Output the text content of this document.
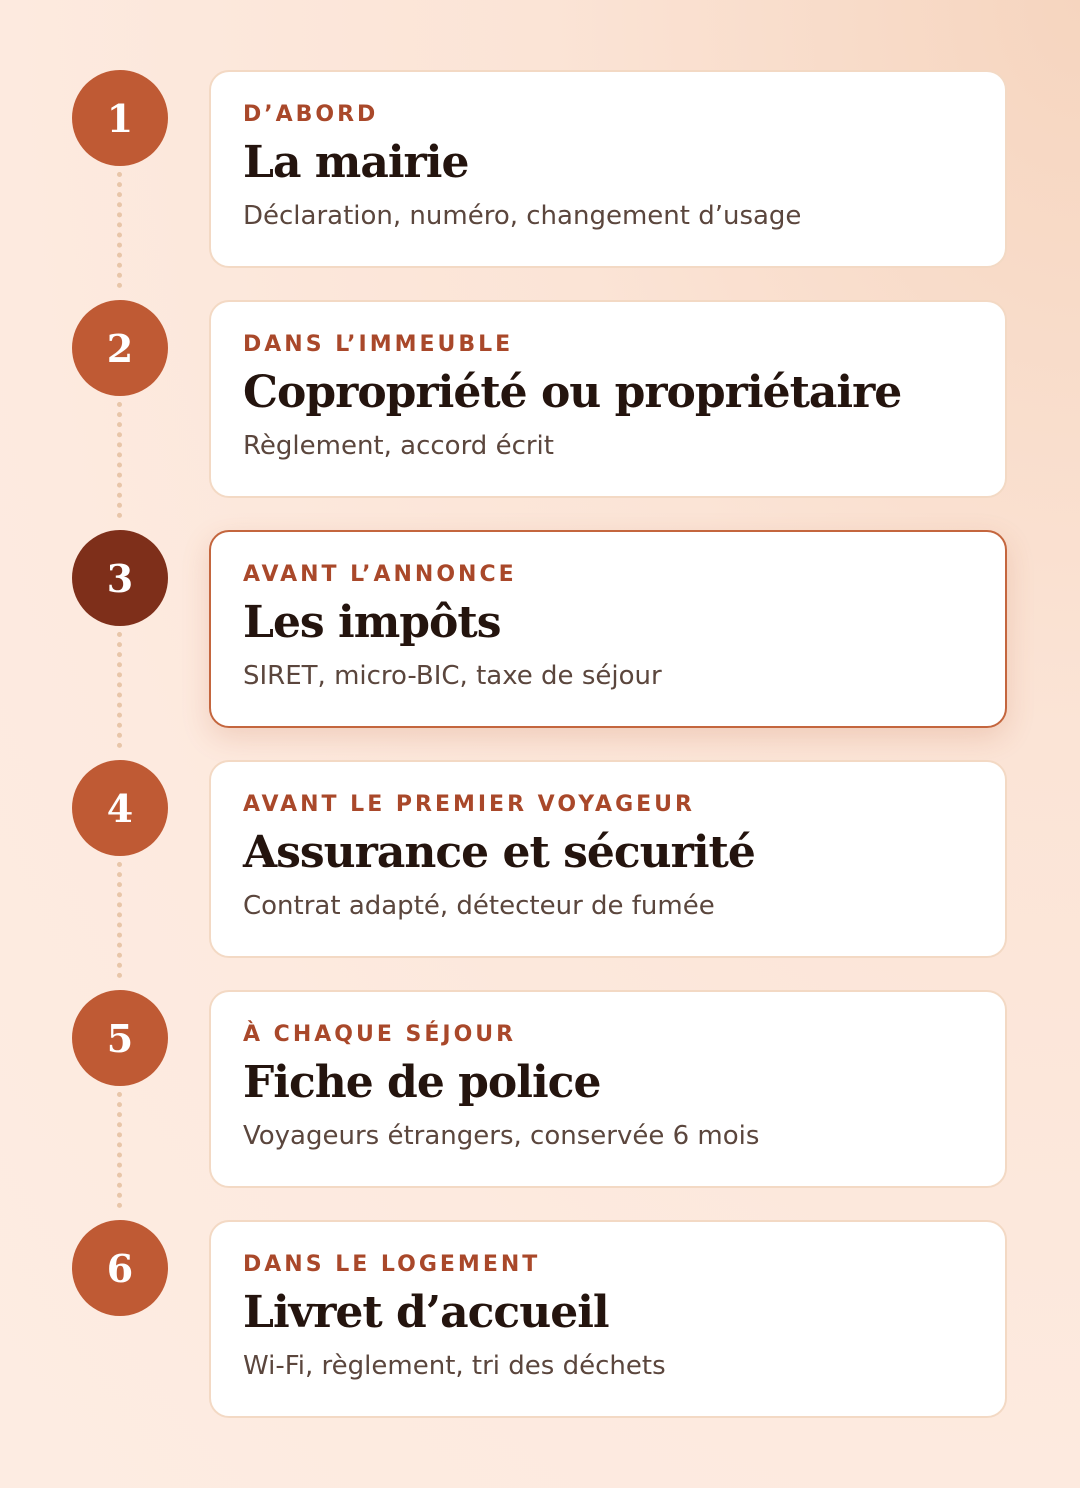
1	D’ABORD
La mairie
Déclaration, numéro, changement d’usage
2	DANS L’IMMEUBLE
Copropriété ou propriétaire
Règlement, accord écrit
3	AVANT L’ANNONCE
Les impôts
SIRET, micro-BIC, taxe de séjour
4	AVANT LE PREMIER VOYAGEUR
Assurance et sécurité
Contrat adapté, détecteur de fumée
5	À CHAQUE SÉJOUR
Fiche de police
Voyageurs étrangers, conservée 6 mois
6	DANS LE LOGEMENT
Livret d’accueil
Wi-Fi, règlement, tri des déchets
